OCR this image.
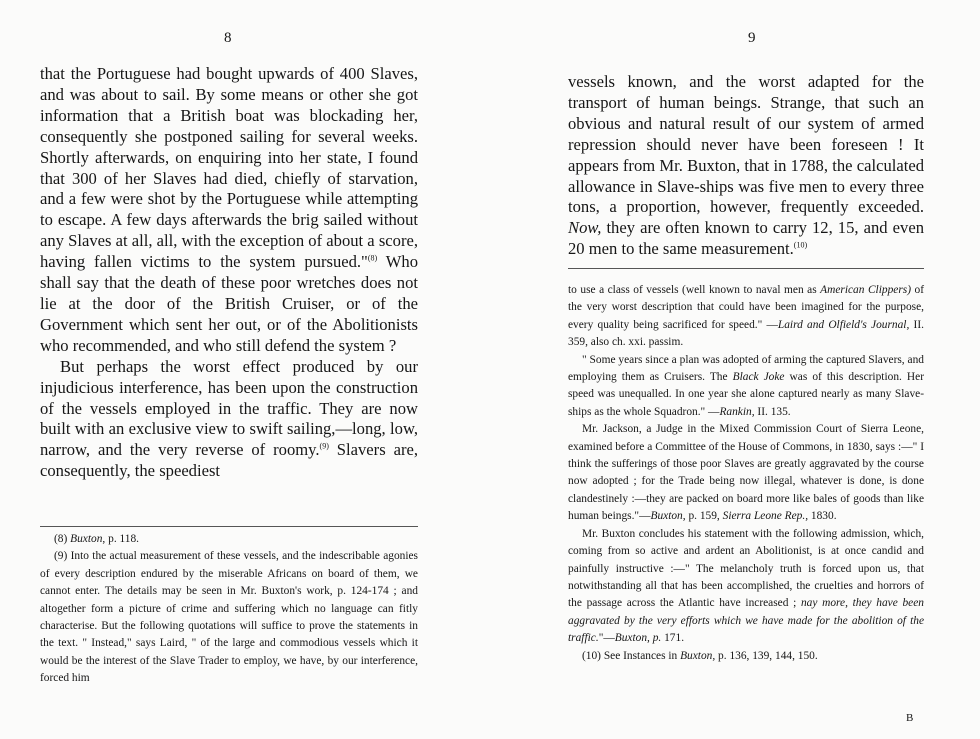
8

that the Portuguese had bought upwards of 400 Slaves, and was about to sail. By some means or other she got information that a British boat was blockading her, consequently she postponed sailing for several weeks. Shortly afterwards, on enquiring into her state, I found that 300 of her Slaves had died, chiefly of starvation, and a few were shot by the Portuguese while attempting to escape. A few days afterwards the brig sailed without any Slaves at all, all, with the exception of about a score, having fallen victims to the system pursued."$^{(8)}$ Who shall say that the death of these poor wretches does not lie at the door of the British Cruiser, or of the Government which sent her out, or of the Abolitionists who recommended, and who still defend the system ?

But perhaps the worst effect produced by our injudicious interference, has been upon the construction of the vessels employed in the traffic. They are now built with an exclusive view to swift sailing,—long, low, narrow, and the very reverse of roomy.$^{(9)}$ Slavers are, consequently, the speediest

(8) Buxton, p. 118.

(9) Into the actual measurement of these vessels, and the indescribable agonies of every description endured by the miserable Africans on board of them, we cannot enter. The details may be seen in Mr. Buxton's work, p. 124-174 ; and altogether form a picture of crime and suffering which no language can fitly characterise. But the following quotations will suffice to prove the statements in the text. " Instead," says Laird, " of the large and commodious vessels which it would be the interest of the Slave Trader to employ, we have, by our interference, forced him

9

vessels known, and the worst adapted for the transport of human beings. Strange, that such an obvious and natural result of our system of armed repression should never have been foreseen ! It appears from Mr. Buxton, that in 1788, the calculated allowance in Slave-ships was five men to every three tons, a proportion, however, frequently exceeded. Now, they are often known to carry 12, 15, and even 20 men to the same measurement.$^{(10)}$

to use a class of vessels (well known to naval men as American Clippers) of the very worst description that could have been imagined for the purpose, every quality being sacrificed for speed." —Laird and Olfield's Journal, II. 359, also ch. xxi. passim.

" Some years since a plan was adopted of arming the captured Slavers, and employing them as Cruisers. The Black Joke was of this description. Her speed was unequalled. In one year she alone captured nearly as many Slave-ships as the whole Squadron." —Rankin, II. 135.

Mr. Jackson, a Judge in the Mixed Commission Court of Sierra Leone, examined before a Committee of the House of Commons, in 1830, says :—" I think the sufferings of those poor Slaves are greatly aggravated by the course now adopted ; for the Trade being now illegal, whatever is done, is done clandestinely :—they are packed on board more like bales of goods than like human beings."—Buxton, p. 159, Sierra Leone Rep., 1830.

Mr. Buxton concludes his statement with the following admission, which, coming from so active and ardent an Abolitionist, is at once candid and painfully instructive :—" The melancholy truth is forced upon us, that notwithstanding all that has been accomplished, the cruelties and horrors of the passage across the Atlantic have increased ; nay more, they have been aggravated by the very efforts which we have made for the abolition of the traffic."—Buxton, p. 171.

(10) See Instances in Buxton, p. 136, 139, 144, 150.

B
